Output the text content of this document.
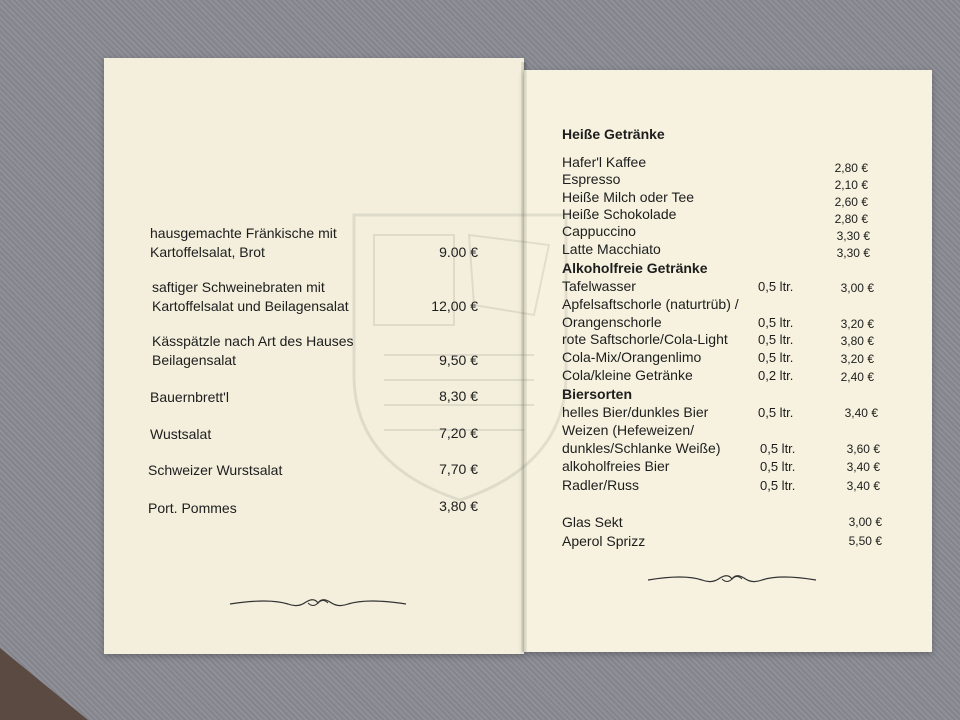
hausgemachte Fränkische mit
Kartoffelsalat, Brot	9.00 €
saftiger Schweinebraten mit
Kartoffelsalat und Beilagensalat	12,00 €
Kässpätzle nach Art des Hauses
Beilagensalat	9,50 €
Bauernbrett'l	8,30 €
Wustsalat	7,20 €
Schweizer Wurstsalat	7,70 €
Port. Pommes	3,80 €
Heiße Getränke
Hafer'l Kaffee	2,80 €
Espresso	2,10 €
Heiße Milch oder Tee	2,60 €
Heiße Schokolade	2,80 €
Cappuccino	3,30 €
Latte Macchiato	3,30 €
Alkoholfreie Getränke
Tafelwasser	0,5 ltr.	3,00 €
Apfelsaftschorle (naturtrüb) /
Orangenschorle	0,5 ltr.	3,20 €
rote Saftschorle/Cola-Light 0,5 ltr.	3,80 €
Cola-Mix/Orangenlimo	0,5 ltr.	3,20 €
Cola/kleine Getränke	0,2 ltr.	2,40 €
Biersorten
helles Bier/dunkles Bier	0,5 ltr.	3,40 €
Weizen (Hefeweizen/
dunkles/Schlanke Weiße)	0,5 ltr.	3,60 €
alkoholfreies Bier	0,5 ltr.	3,40 €
Radler/Russ	0,5 ltr.	3,40 €
Glas Sekt	3,00 €
Aperol Sprizz	5,50 €
